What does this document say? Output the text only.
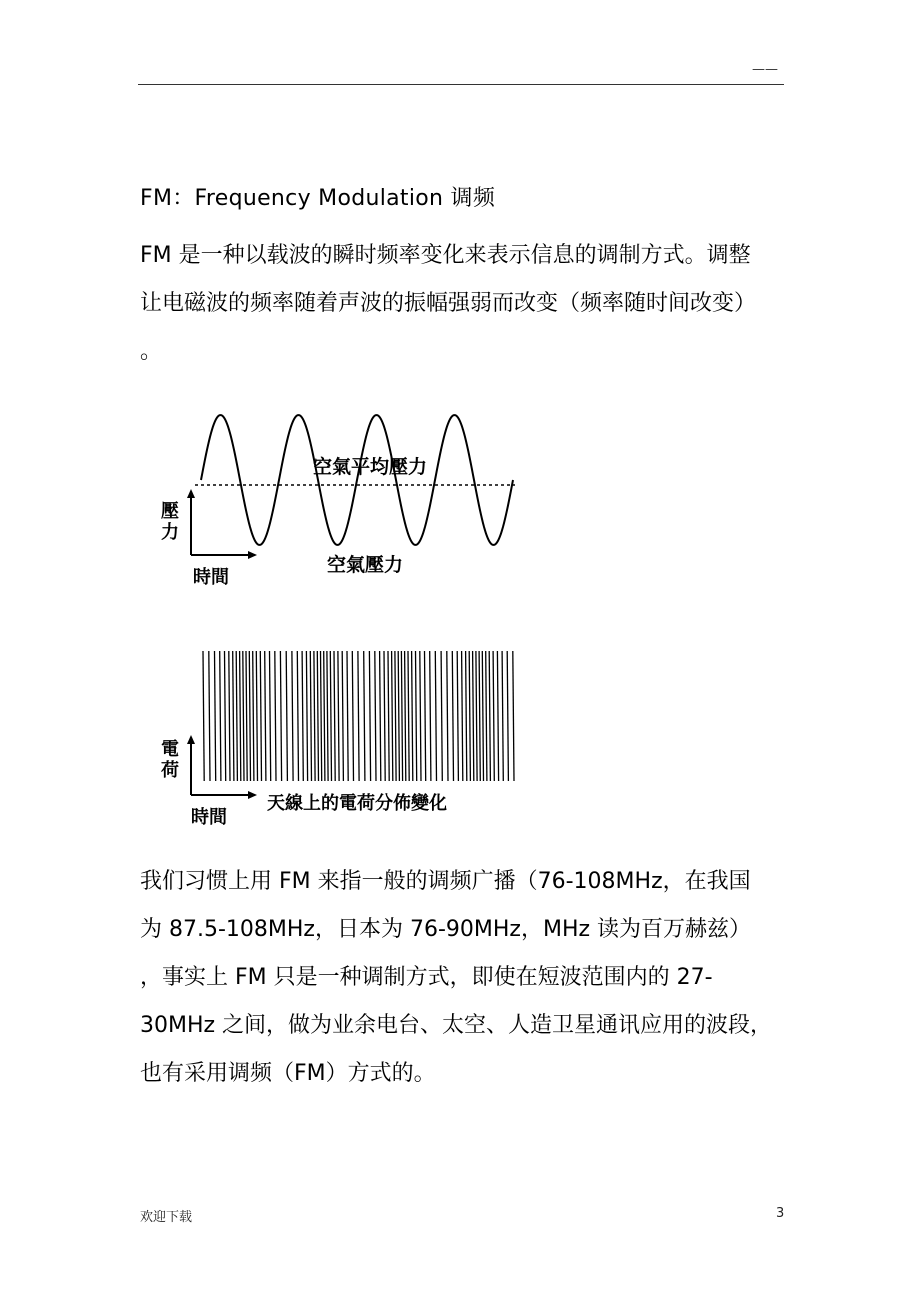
——
FM：Frequency Modulation 调频
FM 是一种以载波的瞬时频率变化来表示信息的调制方式。调整
让电磁波的频率随着声波的振幅强弱而改变（频率随时间改变）
。
空氣平均壓力
空氣壓力
壓
力
時間
天線上的電荷分佈變化
電
荷
時間
我们习惯上用 FM 来指一般的调频广播（76-108MHz，在我国
为 87.5-108MHz，日本为 76-90MHz，MHz 读为百万赫兹）
，事实上 FM 只是一种调制方式，即使在短波范围内的 27-
30MHz 之间，做为业余电台、太空、人造卫星通讯应用的波段，
也有采用调频（FM）方式的。
欢迎下载	3
